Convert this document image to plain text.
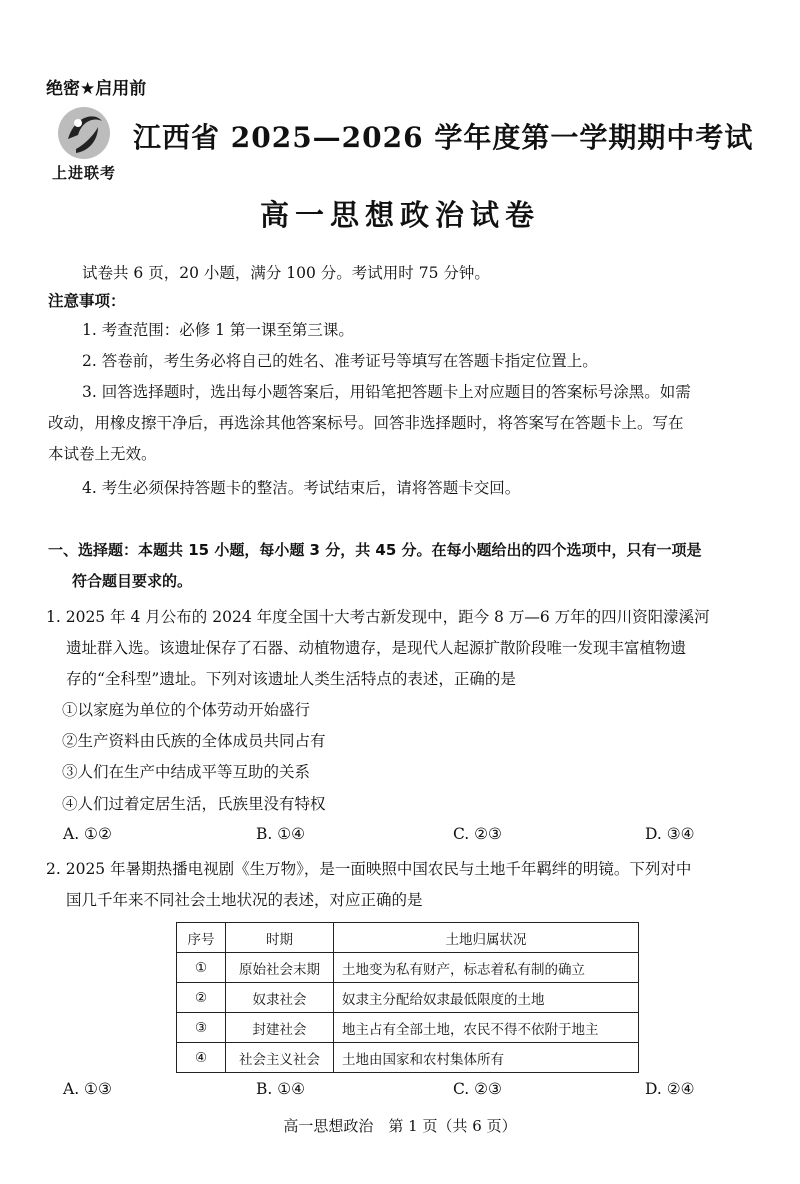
绝密★启用前
上进联考
江西省 2025—2026 学年度第一学期期中考试
高一思想政治试卷
试卷共 6 页，20 小题，满分 100 分。考试用时 75 分钟。
注意事项：
1. 考查范围：必修 1 第一课至第三课。
2. 答卷前，考生务必将自己的姓名、准考证号等填写在答题卡指定位置上。
3. 回答选择题时，选出每小题答案后，用铅笔把答题卡上对应题目的答案标号涂黑。如需
改动，用橡皮擦干净后，再选涂其他答案标号。回答非选择题时，将答案写在答题卡上。写在
本试卷上无效。
4. 考生必须保持答题卡的整洁。考试结束后，请将答题卡交回。
一、选择题：本题共 15 小题，每小题 3 分，共 45 分。在每小题给出的四个选项中，只有一项是
符合题目要求的。
1. 2025 年 4 月公布的 2024 年度全国十大考古新发现中，距今 8 万—6 万年的四川资阳濛溪河
遗址群入选。该遗址保存了石器、动植物遗存，是现代人起源扩散阶段唯一发现丰富植物遗
存的“全科型”遗址。下列对该遗址人类生活特点的表述，正确的是
①以家庭为单位的个体劳动开始盛行
②生产资料由氏族的全体成员共同占有
③人们在生产中结成平等互助的关系
④人们过着定居生活，氏族里没有特权
A. ①②	B. ①④	C. ②③	D. ③④
2. 2025 年暑期热播电视剧《生万物》，是一面映照中国农民与土地千年羁绊的明镜。下列对中
国几千年来不同社会土地状况的表述，对应正确的是
序号	时期	土地归属状况
①	原始社会末期	土地变为私有财产，标志着私有制的确立
②	奴隶社会	奴隶主分配给奴隶最低限度的土地
③	封建社会	地主占有全部土地，农民不得不依附于地主
④	社会主义社会	土地由国家和农村集体所有
A. ①③	B. ①④	C. ②③	D. ②④
高一思想政治　第 1 页（共 6 页）
